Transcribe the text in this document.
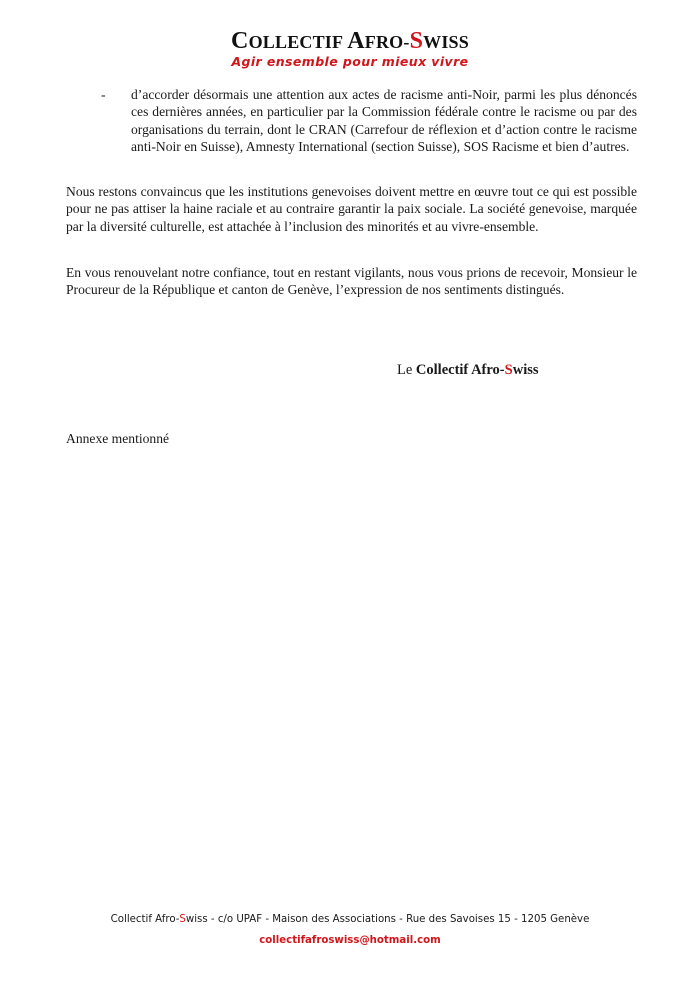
COLLECTIF AFRO-SWISS
Agir ensemble pour mieux vivre
-	d’accorder désormais une attention aux actes de racisme anti-Noir, parmi les plus dénoncés ces dernières années, en particulier par la Commission fédérale contre le racisme ou par des organisations du terrain, dont le CRAN (Carrefour de réflexion et d’action contre le racisme anti-Noir en Suisse), Amnesty International (section Suisse), SOS Racisme et bien d’autres.
Nous restons convaincus que les institutions genevoises doivent mettre en œuvre tout ce qui est possible pour ne pas attiser la haine raciale et au contraire garantir la paix sociale. La société genevoise, marquée par la diversité culturelle, est attachée à l’inclusion des minorités et au vivre-ensemble.
En vous renouvelant notre confiance, tout en restant vigilants, nous vous prions de recevoir, Monsieur le Procureur de la République et canton de Genève, l’expression de nos sentiments distingués.
Le Collectif Afro-Swiss
Annexe mentionné
Collectif Afro-Swiss - c/o UPAF - Maison des Associations - Rue des Savoises 15 - 1205 Genève
collectifafroswiss@hotmail.com
